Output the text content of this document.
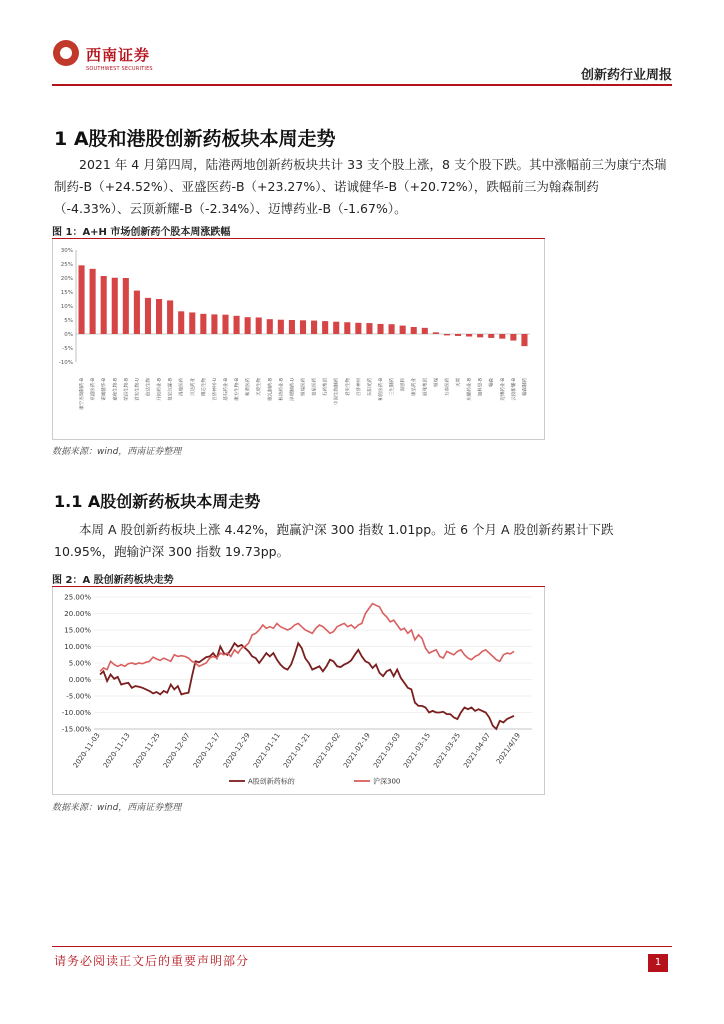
西南证券
SOUTHWEST SECURITIES	创新药行业周报
1 A股和港股创新药板块本周走势
2021 年 4 月第四周，陆港两地创新药板块共计 33 支个股上涨，8 支个股下跌。其中涨幅前三为康宁杰瑞制药-B（+24.52%）、亚盛医药-B（+23.27%）、诺诚健华-B（+20.72%），跌幅前三为翰森制药（-4.33%）、云顶新耀-B（-2.34%）、迈博药业-B（-1.67%）。
图 1：A+H 市场创新药个股本周涨跌幅
30%
25%
20%
15%
10%
5%
0%
-5%
-10%
康宁杰瑞制药-B	亚盛医药-B	诺诚健华-B	嘉和生物-B	荣昌生物-B	君实生物-U	信达生物	开拓药业-B	复宏汉霖-B	再鼎医药	贝达药业	微芯生物	百济神州-U	基石药业-B	康方生物-B	和黄医药	天境生物	歌礼制药-B	科济药业-B	泽璟制药-U	恒瑞医药	复星医药	石药集团	中国生物制药	君实生物	百济神州	东阳光药	和铂医药-B	三生制药	海思科	康弘药业	丽珠集团	恒瑞	万春医药	天境	东曜药业-B	加科思-B	翰森	迈博药业-B	云顶新耀-B	翰森制药
数据来源：wind，西南证券整理
1.1 A股创新药板块本周走势
本周 A 股创新药板块上涨 4.42%，跑赢沪深 300 指数 1.01pp。近 6 个月 A 股创新药累计下跌 10.95%，跑输沪深 300 指数 19.73pp。
图 2：A 股创新药板块走势
25.00%
20.00%
15.00%
10.00%
5.00%
0.00%
-5.00%
-10.00%
-15.00%
2020-11-03 2020-11-13 2020-11-25 2020-12-07 2020-12-17 2020-12-29 2021-01-11 2021-01-21 2021-02-02 2021-02-19 2021-03-03 2021-03-15 2021-03-25 2021-04-07 2021/4/19
A股创新药标的	沪深300
数据来源：wind，西南证券整理
请务必阅读正文后的重要声明部分	1
